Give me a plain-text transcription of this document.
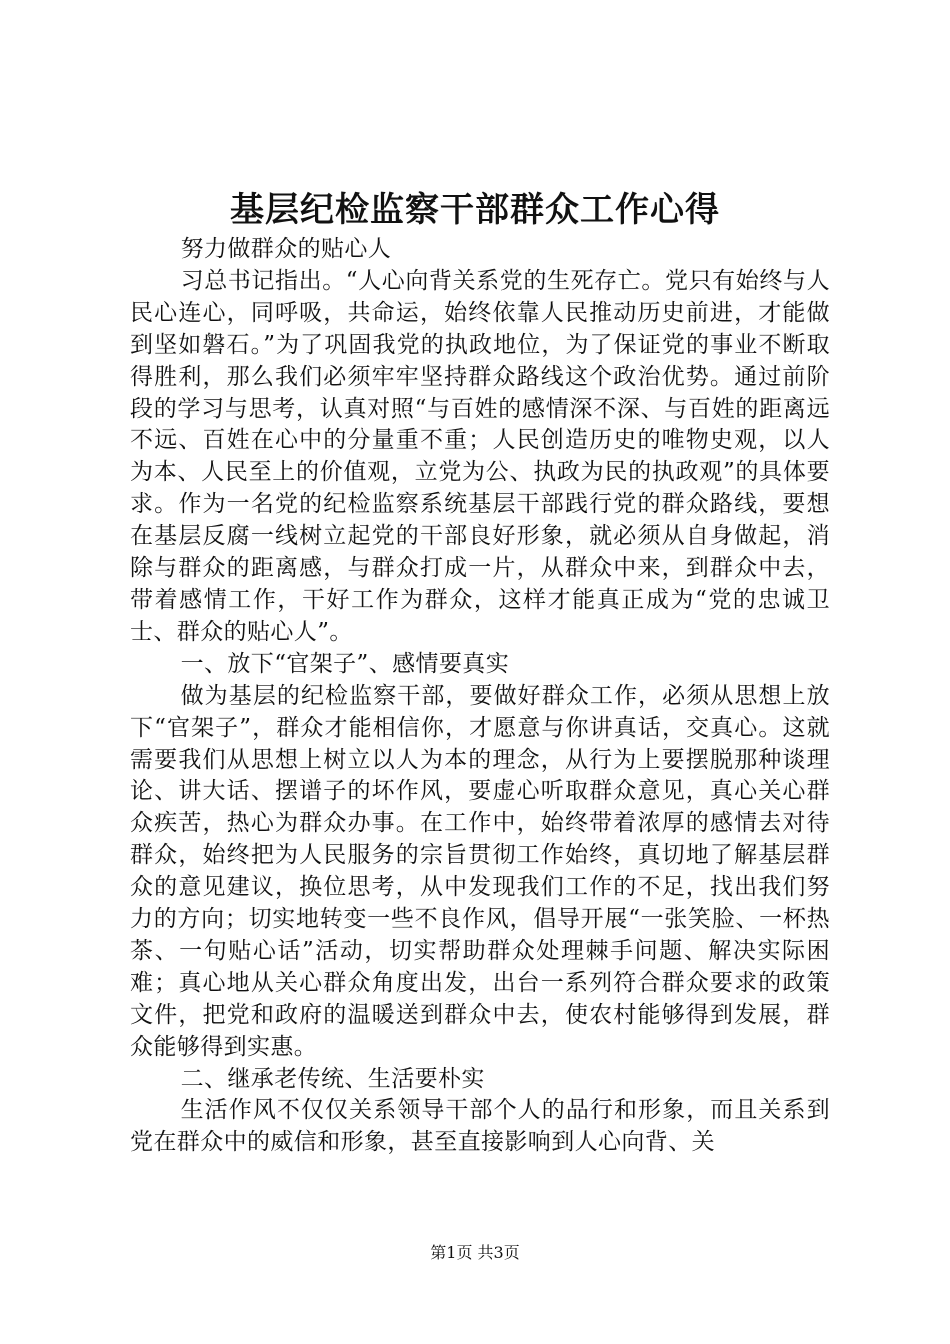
基层纪检监察干部群众工作心得

努力做群众的贴心人

习总书记指出。“人心向背关系党的生死存亡。党只有始终与人民心连心，同呼吸，共命运，始终依靠人民推动历史前进，才能做到坚如磐石。”为了巩固我党的执政地位，为了保证党的事业不断取得胜利，那么我们必须牢牢坚持群众路线这个政治优势。通过前阶段的学习与思考，认真对照“与百姓的感情深不深、与百姓的距离远不远、百姓在心中的分量重不重；人民创造历史的唯物史观，以人为本、人民至上的价值观，立党为公、执政为民的执政观”的具体要求。作为一名党的纪检监察系统基层干部践行党的群众路线，要想在基层反腐一线树立起党的干部良好形象，就必须从自身做起，消除与群众的距离感，与群众打成一片，从群众中来，到群众中去，带着感情工作，干好工作为群众，这样才能真正成为“党的忠诚卫士、群众的贴心人”。

一、放下“官架子”、感情要真实

做为基层的纪检监察干部，要做好群众工作，必须从思想上放下“官架子”，群众才能相信你，才愿意与你讲真话，交真心。这就需要我们从思想上树立以人为本的理念，从行为上要摆脱那种谈理论、讲大话、摆谱子的坏作风，要虚心听取群众意见，真心关心群众疾苦，热心为群众办事。在工作中，始终带着浓厚的感情去对待群众，始终把为人民服务的宗旨贯彻工作始终，真切地了解基层群众的意见建议，换位思考，从中发现我们工作的不足，找出我们努力的方向；切实地转变一些不良作风，倡导开展“一张笑脸、一杯热茶、一句贴心话”活动，切实帮助群众处理棘手问题、解决实际困难；真心地从关心群众角度出发，出台一系列符合群众要求的政策文件，把党和政府的温暖送到群众中去，使农村能够得到发展，群众能够得到实惠。

二、继承老传统、生活要朴实

生活作风不仅仅关系领导干部个人的品行和形象，而且关系到党在群众中的威信和形象，甚至直接影响到人心向背、关

第1页 共3页
